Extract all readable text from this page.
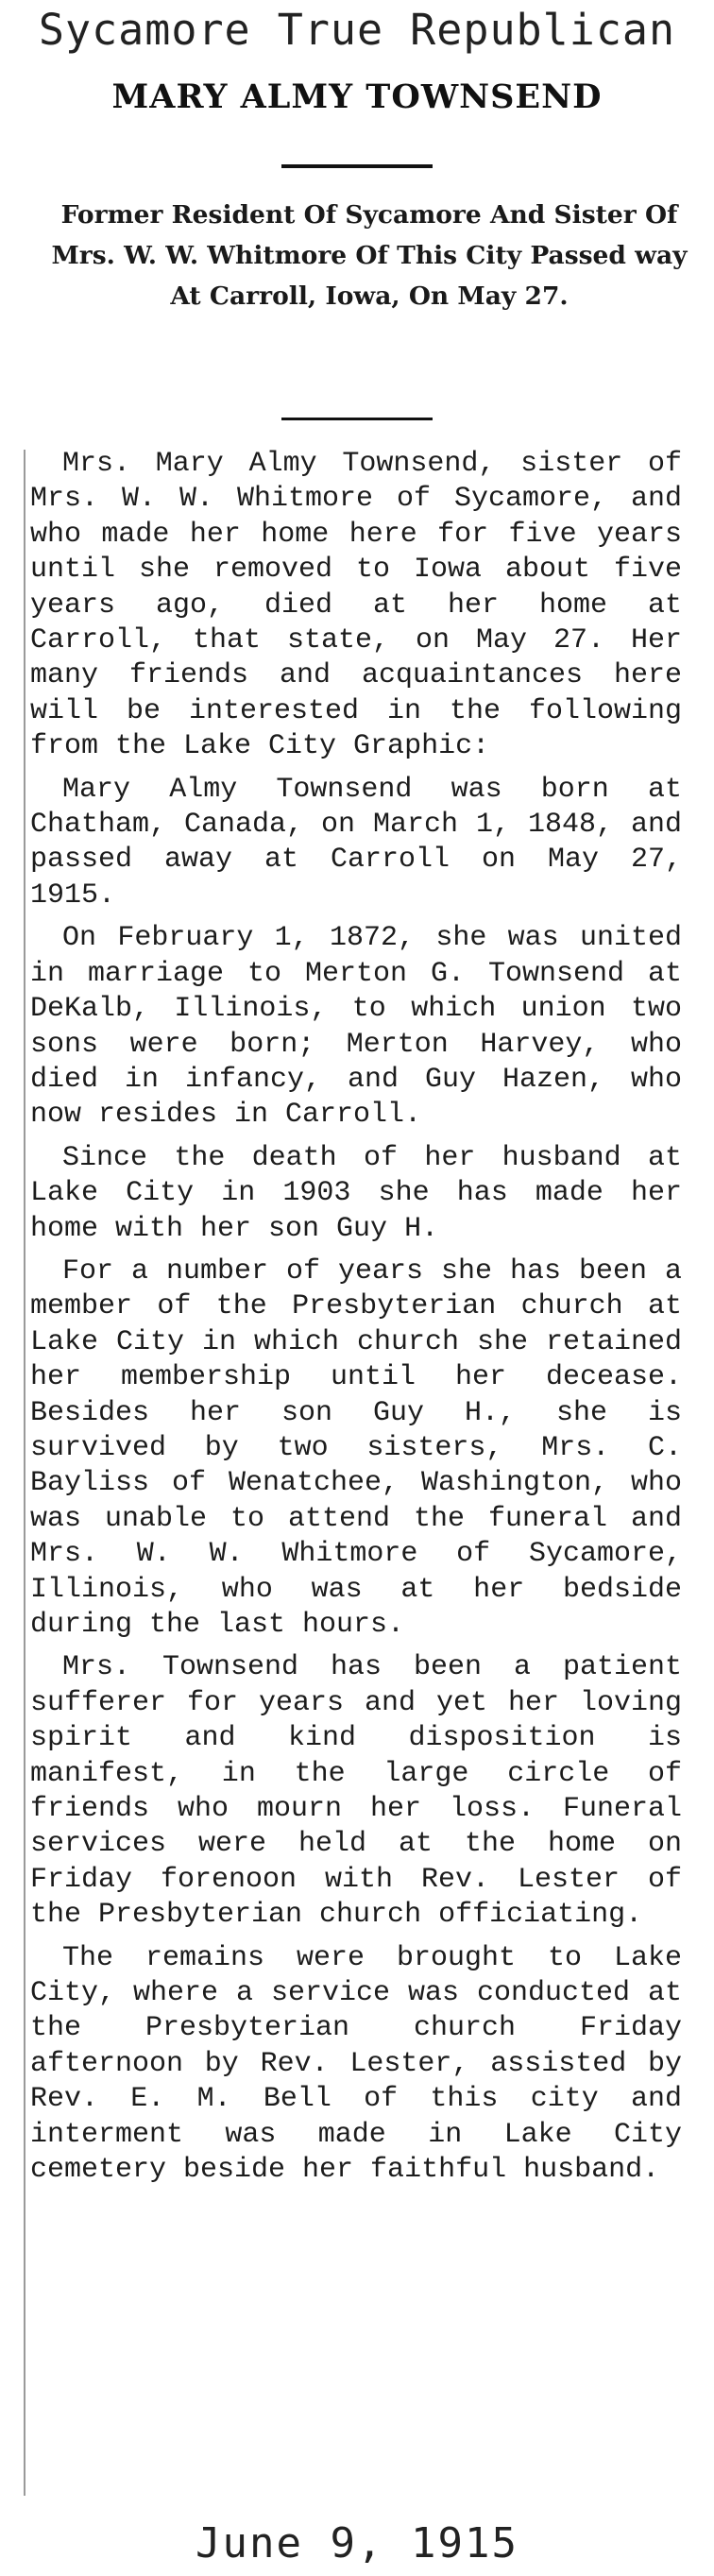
Sycamore True Republican
MARY ALMY TOWNSEND
Former Resident Of Sycamore And Sister Of Mrs. W. W. Whitmore Of This City Passed way At Carroll, Iowa, On May 27.

Mrs. Mary Almy Townsend, sister of Mrs. W. W. Whitmore of Sycamore, and who made her home here for five years until she removed to Iowa about five years ago, died at her home at Carroll, that state, on May 27. Her many friends and acquaintances here will be interested in the following from the Lake City Graphic:

Mary Almy Townsend was born at Chatham, Canada, on March 1, 1848, and passed away at Carroll on May 27, 1915.

On February 1, 1872, she was united in marriage to Merton G. Townsend at DeKalb, Illinois, to which union two sons were born; Merton Harvey, who died in infancy, and Guy Hazen, who now resides in Carroll.

Since the death of her husband at Lake City in 1903 she has made her home with her son Guy H.

For a number of years she has been a member of the Presbyterian church at Lake City in which church she retained her membership until her decease. Besides her son Guy H., she is survived by two sisters, Mrs. C. Bayliss of Wenatchee, Washington, who was unable to attend the funeral and Mrs. W. W. Whitmore of Sycamore, Illinois, who was at her bedside during the last hours.

Mrs. Townsend has been a patient sufferer for years and yet her loving spirit and kind disposition is manifest, in the large circle of friends who mourn her loss. Funeral services were held at the home on Friday forenoon with Rev. Lester of the Presbyterian church officiating.

The remains were brought to Lake City, where a service was conducted at the Presbyterian church Friday afternoon by Rev. Lester, assisted by Rev. E. M. Bell of this city and interment was made in Lake City cemetery beside her faithful husband.

June 9, 1915
